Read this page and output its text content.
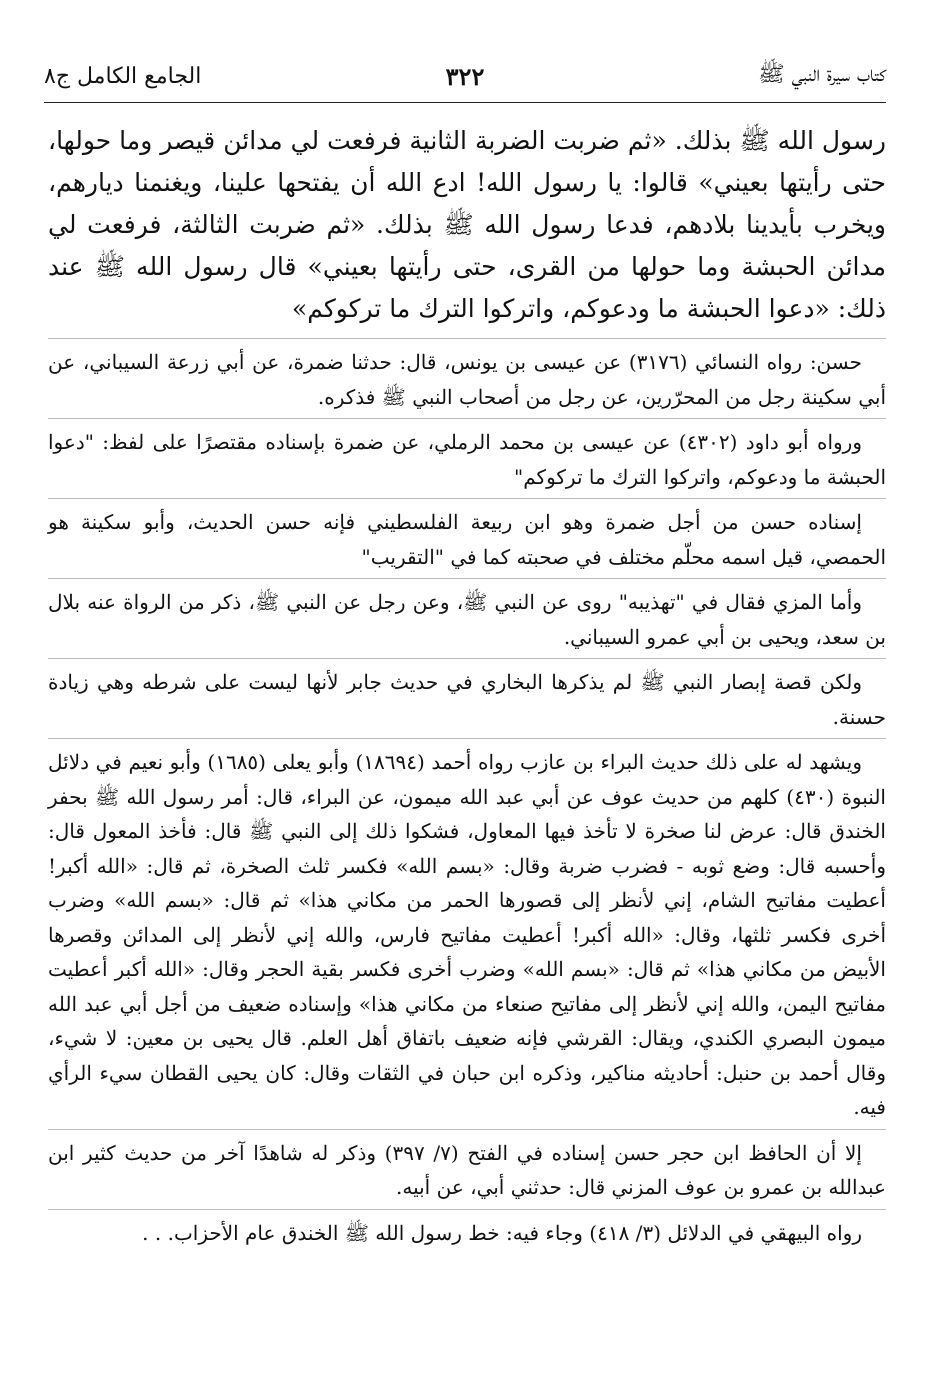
كتاب سيرة النبي ﷺ
٣٢٢
الجامع الكامل ج٨

رسول الله ﷺ بذلك. «ثم ضربت الضربة الثانية فرفعت لي مدائن قيصر وما حولها، حتى رأيتها بعيني» قالوا: يا رسول الله! ادع الله أن يفتحها علينا، ويغنمنا ديارهم، ويخرب بأيدينا بلادهم، فدعا رسول الله ﷺ بذلك. «ثم ضربت الثالثة، فرفعت لي مدائن الحبشة وما حولها من القرى، حتى رأيتها بعيني» قال رسول الله ﷺ عند ذلك: «دعوا الحبشة ما ودعوكم، واتركوا الترك ما تركوكم»

حسن: رواه النسائي (٣١٧٦) عن عيسى بن يونس، قال: حدثنا ضمرة، عن أبي زرعة السيباني، عن أبي سكينة رجل من المحرّرين، عن رجل من أصحاب النبي ﷺ فذكره.

ورواه أبو داود (٤٣٠٢) عن عيسى بن محمد الرملي، عن ضمرة بإسناده مقتصرًا على لفظ: "دعوا الحبشة ما ودعوكم، واتركوا الترك ما تركوكم"

إسناده حسن من أجل ضمرة وهو ابن ربيعة الفلسطيني فإنه حسن الحديث، وأبو سكينة هو الحمصي، قيل اسمه محلّم مختلف في صحبته كما في "التقريب"

وأما المزي فقال في "تهذيبه" روى عن النبي ﷺ، وعن رجل عن النبي ﷺ، ذكر من الرواة عنه بلال بن سعد، ويحيى بن أبي عمرو السيباني.

ولكن قصة إبصار النبي ﷺ لم يذكرها البخاري في حديث جابر لأنها ليست على شرطه وهي زيادة حسنة.

ويشهد له على ذلك حديث البراء بن عازب رواه أحمد (١٨٦٩٤) وأبو يعلى (١٦٨٥) وأبو نعيم في دلائل النبوة (٤٣٠) كلهم من حديث عوف عن أبي عبد الله ميمون، عن البراء، قال: أمر رسول الله ﷺ بحفر الخندق قال: عرض لنا صخرة لا تأخذ فيها المعاول، فشكوا ذلك إلى النبي ﷺ قال: فأخذ المعول قال: وأحسبه قال: وضع ثوبه - فضرب ضربة وقال: «بسم الله» فكسر ثلث الصخرة، ثم قال: «الله أكبر! أعطيت مفاتيح الشام، إني لأنظر إلى قصورها الحمر من مكاني هذا» ثم قال: «بسم الله» وضرب أخرى فكسر ثلثها، وقال: «الله أكبر! أعطيت مفاتيح فارس، والله إني لأنظر إلى المدائن وقصرها الأبيض من مكاني هذا» ثم قال: «بسم الله» وضرب أخرى فكسر بقية الحجر وقال: «الله أكبر أعطيت مفاتيح اليمن، والله إني لأنظر إلى مفاتيح صنعاء من مكاني هذا» وإسناده ضعيف من أجل أبي عبد الله ميمون البصري الكندي، ويقال: القرشي فإنه ضعيف باتفاق أهل العلم. قال يحيى بن معين: لا شيء، وقال أحمد بن حنبل: أحاديثه مناكير، وذكره ابن حبان في الثقات وقال: كان يحيى القطان سيء الرأي فيه.

إلا أن الحافظ ابن حجر حسن إسناده في الفتح (٧/ ٣٩٧) وذكر له شاهدًا آخر من حديث كثير ابن عبدالله بن عمرو بن عوف المزني قال: حدثني أبي، عن أبيه.

رواه البيهقي في الدلائل (٣/ ٤١٨) وجاء فيه: خط رسول الله ﷺ الخندق عام الأحزاب. . .
